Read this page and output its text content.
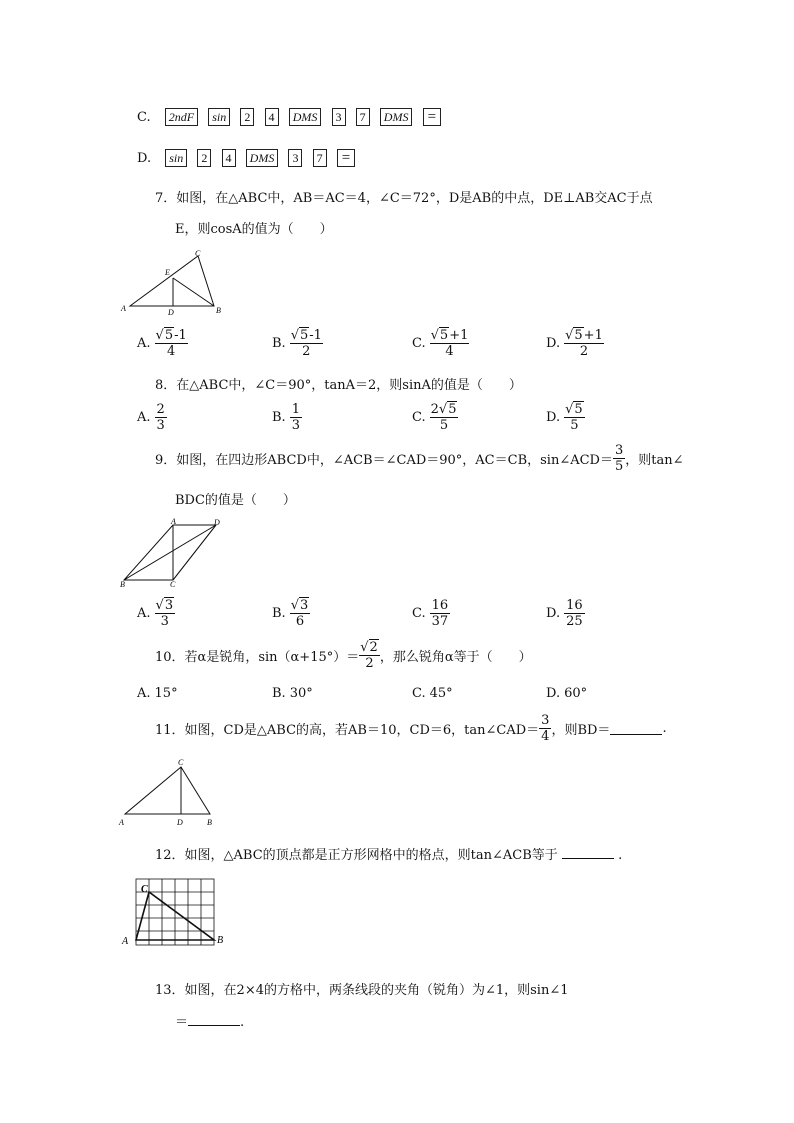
C. 2ndF sin 2 4 DMS 3 7 DMS =
D. sin 2 4 DMS 3 7 =
7．如图，在△ABC中，AB＝AC＝4，∠C＝72°，D是AB的中点，DE⊥AB交AC于点
E，则cosA的值为（　　）
A	B
C
D
E
A. $\frac{√5-1}{4}$	B. $\frac{√5-1}{2}$	C. $\frac{√5+1}{4}$	D. $\frac{√5+1}{2}$
8．在△ABC中，∠C＝90°，tanA＝2，则sinA的值是（　　）
A. $\frac{2}{3}$	B. $\frac{1}{3}$	C. $\frac{2√5}{5}$	D. $\frac{√5}{5}$
9．如图，在四边形ABCD中，∠ACB＝∠CAD＝90°，AC＝CB，sin∠ACD＝ $\frac{3}{5}$ ，则tan∠
BDC的值是（　　）
A
B	C
D
A. $\frac{√3}{3}$	B. $\frac{√3}{6}$	C. $\frac{16}{37}$	D. $\frac{16}{25}$
10．若α是锐角，$\sin(\alpha+15^\circ)= \frac{√2}{2}$ ，那么锐角α等于（　　）
A. 15°	B. 30°	C. 45°	D. 60°
11．如图，CD是△ABC的高，若AB＝10，CD＝6，tan∠CAD＝ $\frac{3}{4}$ ，则BD＝	.
C
A	D	B
12．如图，△ABC的顶点都是正方形网格中的格点，则tan∠ACB等于	.
C
A	B
13．如图，在2×4的方格中，两条线段的夹角（锐角）为∠1，则sin∠1
＝	.
